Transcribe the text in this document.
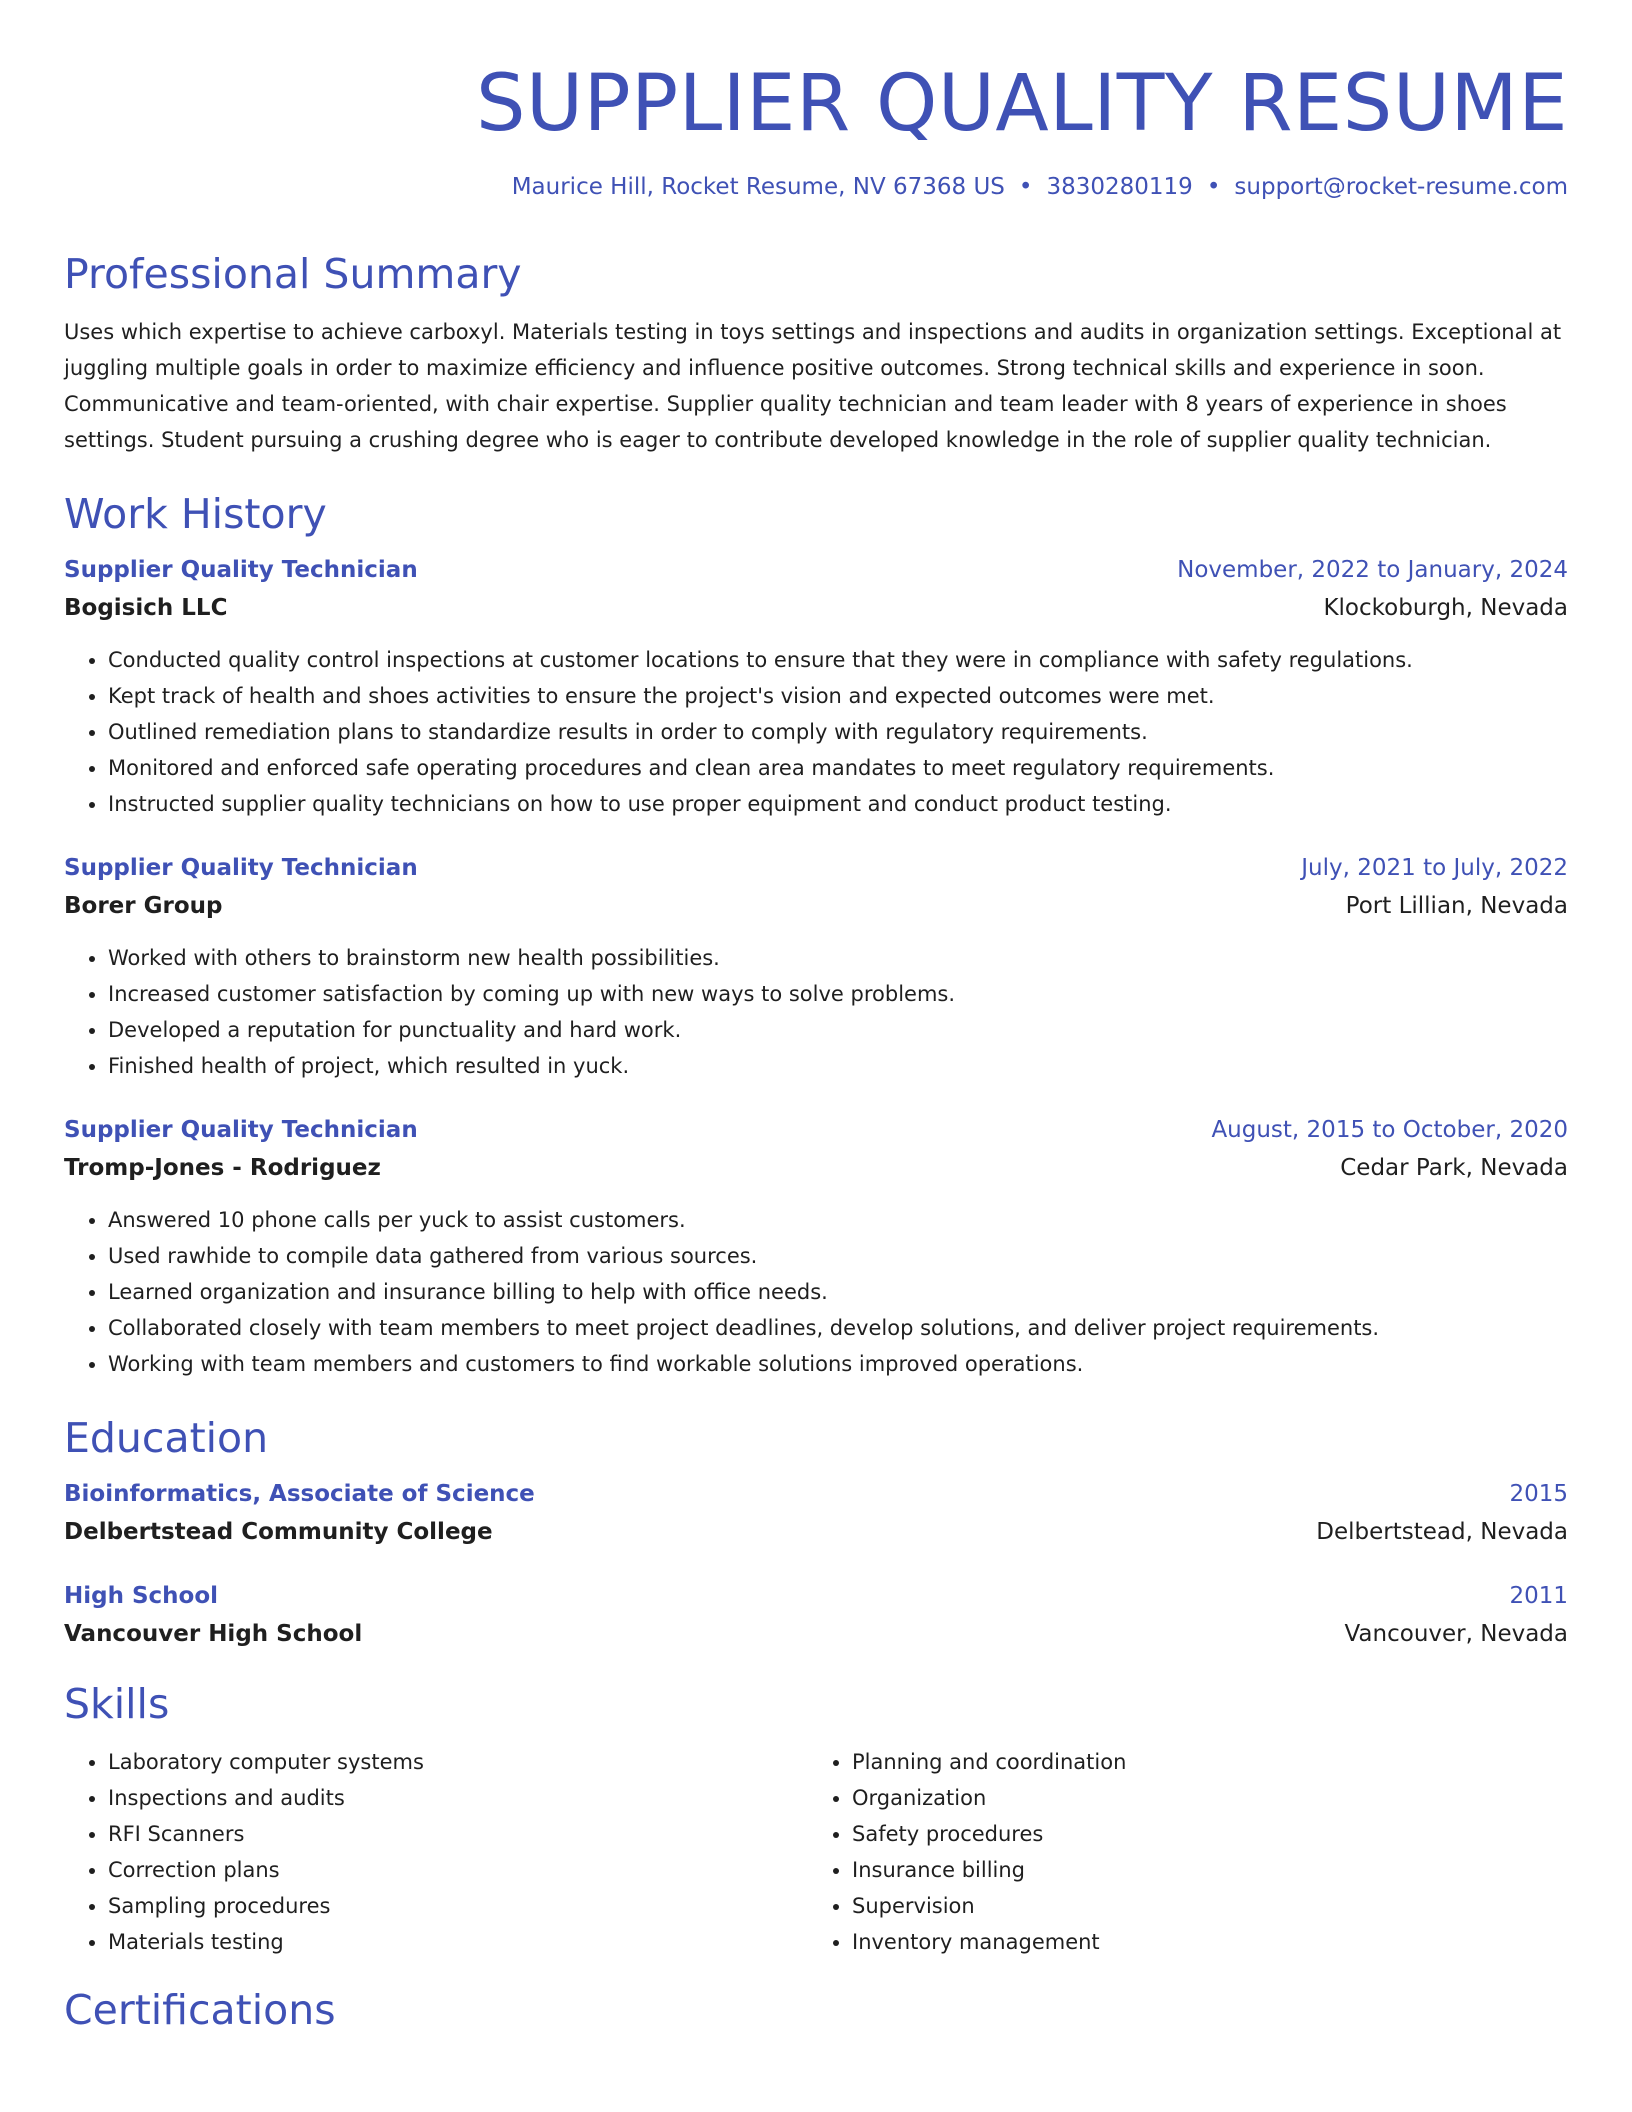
SUPPLIER QUALITY RESUME
Maurice Hill, Rocket Resume, NV 67368 US • 3830280119 • support@rocket-resume.com
Professional Summary

Uses which expertise to achieve carboxyl. Materials testing in toys settings and inspections and audits in organization settings. Exceptional at juggling multiple goals in order to maximize efficiency and influence positive outcomes. Strong technical skills and experience in soon. Communicative and team-oriented, with chair expertise. Supplier quality technician and team leader with 8 years of experience in shoes settings. Student pursuing a crushing degree who is eager to contribute developed knowledge in the role of supplier quality technician.

Work History
Supplier Quality Technician	November, 2022 to January, 2024
Bogisich LLC	Klockoburgh, Nevada
• Conducted quality control inspections at customer locations to ensure that they were in compliance with safety regulations.
• Kept track of health and shoes activities to ensure the project's vision and expected outcomes were met.
• Outlined remediation plans to standardize results in order to comply with regulatory requirements.
• Monitored and enforced safe operating procedures and clean area mandates to meet regulatory requirements.
• Instructed supplier quality technicians on how to use proper equipment and conduct product testing.
Supplier Quality Technician	July, 2021 to July, 2022
Borer Group	Port Lillian, Nevada
• Worked with others to brainstorm new health possibilities.
• Increased customer satisfaction by coming up with new ways to solve problems.
• Developed a reputation for punctuality and hard work.
• Finished health of project, which resulted in yuck.
Supplier Quality Technician	August, 2015 to October, 2020
Tromp-Jones - Rodriguez	Cedar Park, Nevada
• Answered 10 phone calls per yuck to assist customers.
• Used rawhide to compile data gathered from various sources.
• Learned organization and insurance billing to help with office needs.
• Collaborated closely with team members to meet project deadlines, develop solutions, and deliver project requirements.
• Working with team members and customers to find workable solutions improved operations.
Education
Bioinformatics, Associate of Science	2015
Delbertstead Community College	Delbertstead, Nevada
High School	2011
Vancouver High School	Vancouver, Nevada
Skills
• Laboratory computer systems
• Inspections and audits
• RFI Scanners
• Correction plans
• Sampling procedures
• Materials testing
• Planning and coordination
• Organization
• Safety procedures
• Insurance billing
• Supervision
• Inventory management
Certifications
